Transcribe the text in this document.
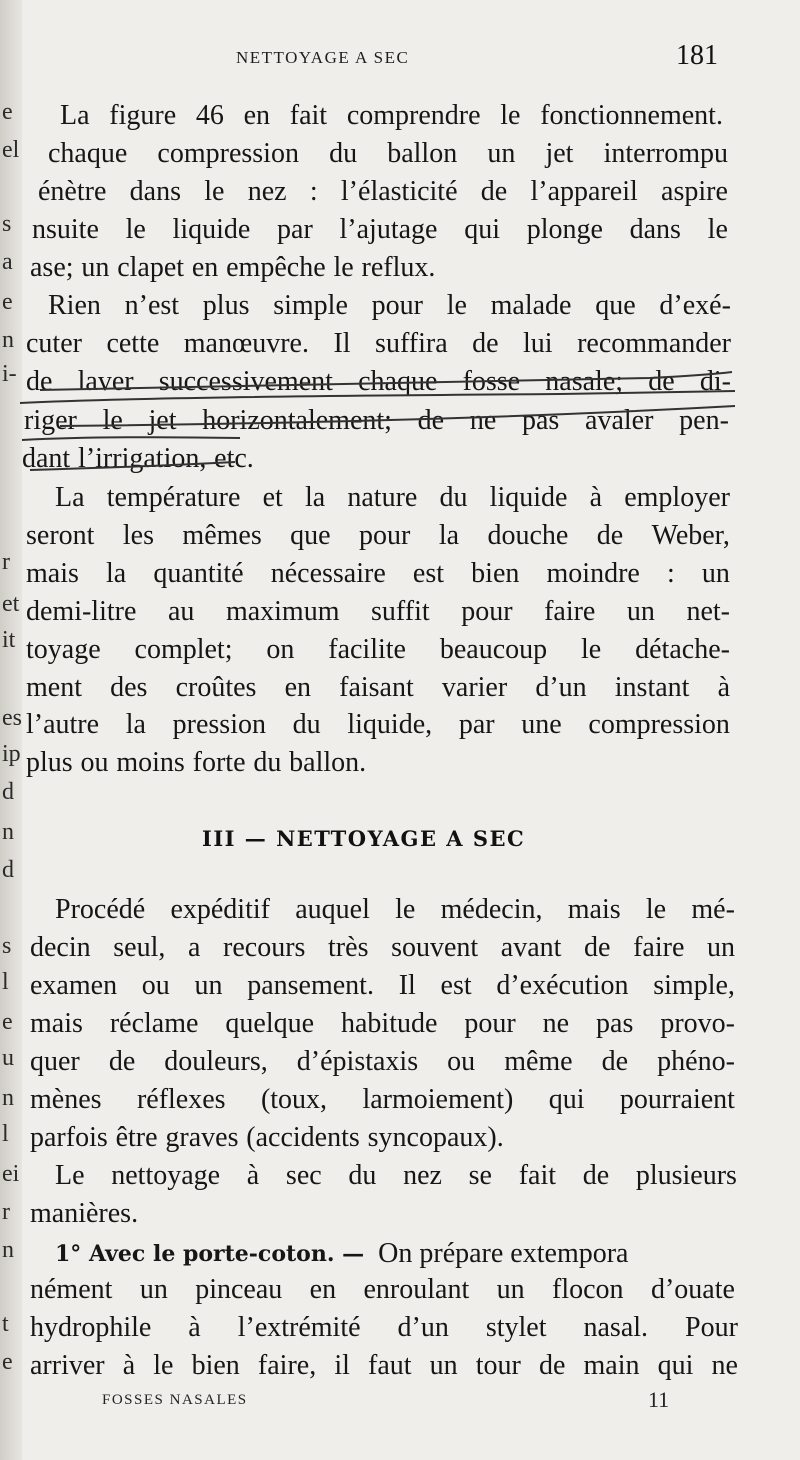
e
el
s
a
e
n
i-
r
et
it
es
ip
d
n
d
s
l
e
u
n
l
ei
r
n
t
e
NETTOYAGE A SEC	181
La figure 46 en fait comprendre le fonctionnement.
chaque compression du ballon un jet interrompu
énètre dans le nez : l’élasticité de l’appareil aspire
nsuite le liquide par l’ajutage qui plonge dans le
ase; un clapet en empêche le reflux.
Rien n’est plus simple pour le malade que d’exé-
cuter cette manœuvre. Il suffira de lui recommander
de laver successivement chaque fosse nasale; de di-
riger le jet horizontalement; de ne pas avaler pen-
dant l’irrigation, etc.
La température et la nature du liquide à employer
seront les mêmes que pour la douche de Weber,
mais la quantité nécessaire est bien moindre : un
demi-litre au maximum suffit pour faire un net-
toyage complet; on facilite beaucoup le détache-
ment des croûtes en faisant varier d’un instant à
l’autre la pression du liquide, par une compression
plus ou moins forte du ballon.
III — NETTOYAGE A SEC
Procédé expéditif auquel le médecin, mais le mé-
decin seul, a recours très souvent avant de faire un
examen ou un pansement. Il est d’exécution simple,
mais réclame quelque habitude pour ne pas provo-
quer de douleurs, d’épistaxis ou même de phéno-
mènes réflexes (toux, larmoiement) qui pourraient
parfois être graves (accidents syncopaux).
Le nettoyage à sec du nez se fait de plusieurs
manières.
1° Avec le porte-coton. — On prépare extempora
nément un pinceau en enroulant un flocon d’ouate
hydrophile à l’extrémité d’un stylet nasal. Pour
arriver à le bien faire, il faut un tour de main qui ne
FOSSES NASALES	11
